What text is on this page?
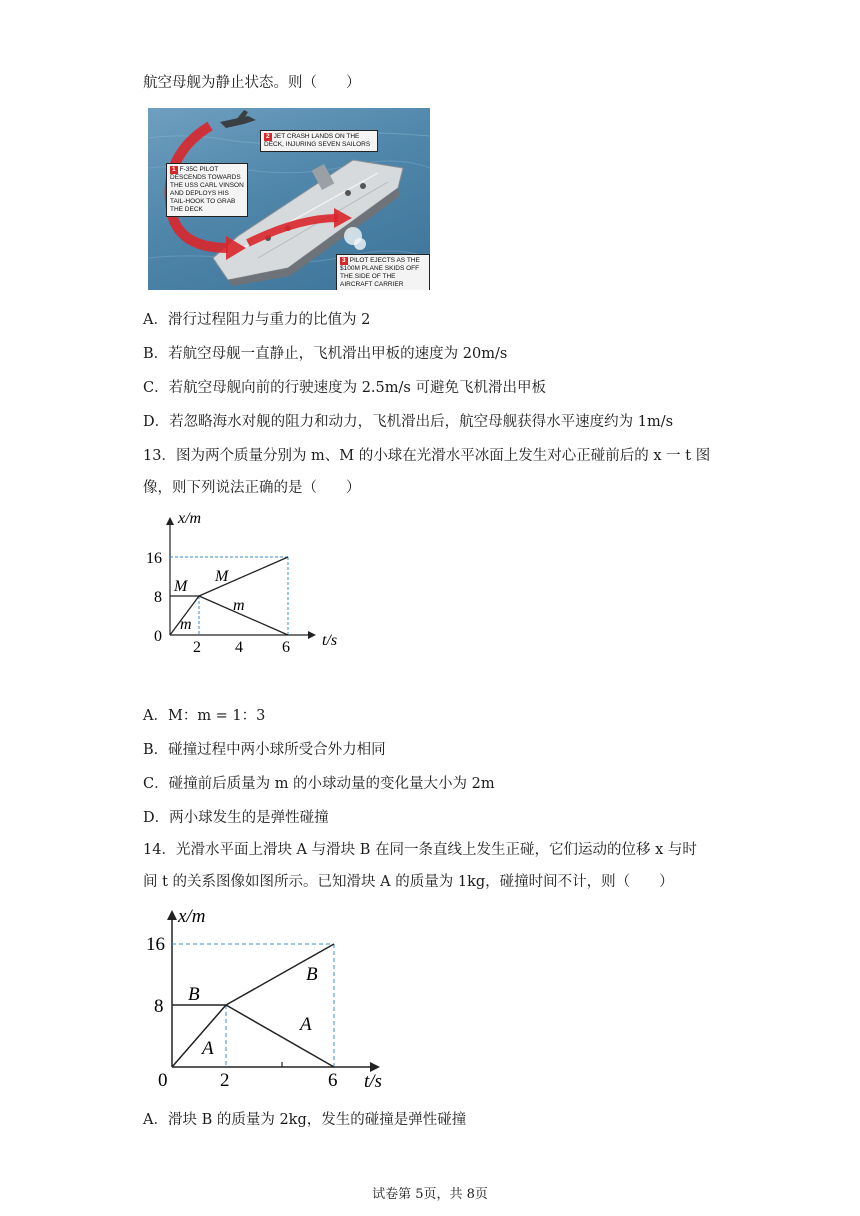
航空母舰为静止状态。则（　　）
1 F-35C PILOT DESCENDS TOWARDS THE USS CARL VINSON AND DEPLOYS HIS TAIL-HOOK TO GRAB THE DECK
2 JET CRASH LANDS ON THE DECK, INJURING SEVEN SAILORS
3 PILOT EJECTS AS THE $100M PLANE SKIDS OFF THE SIDE OF THE AIRCRAFT CARRIER
A．滑行过程阻力与重力的比值为 2
B．若航空母舰一直静止，飞机滑出甲板的速度为 20m/s
C．若航空母舰向前的行驶速度为 2.5m/s 可避免飞机滑出甲板
D．若忽略海水对舰的阻力和动力，飞机滑出后，航空母舰获得水平速度约为 1m/s
13．图为两个质量分别为 m、M 的小球在光滑水平冰面上发生对心正碰前后的 x 一 t 图
像，则下列说法正确的是（　　）
x/m
t/s
16
8
0
2 4 6
M
M
m
m
A．M：m = 1：3
B．碰撞过程中两小球所受合外力相同
C．碰撞前后质量为 m 的小球动量的变化量大小为 2m
D．两小球发生的是弹性碰撞
14．光滑水平面上滑块 A 与滑块 B 在同一条直线上发生正碰，它们运动的位移 x 与时
间 t 的关系图像如图所示。已知滑块 A 的质量为 1kg，碰撞时间不计，则（　　）
x/m
t/s
16
8
0	2	6
B
B
A
A
A．滑块 B 的质量为 2kg，发生的碰撞是弹性碰撞
试卷第 5页，共 8页
